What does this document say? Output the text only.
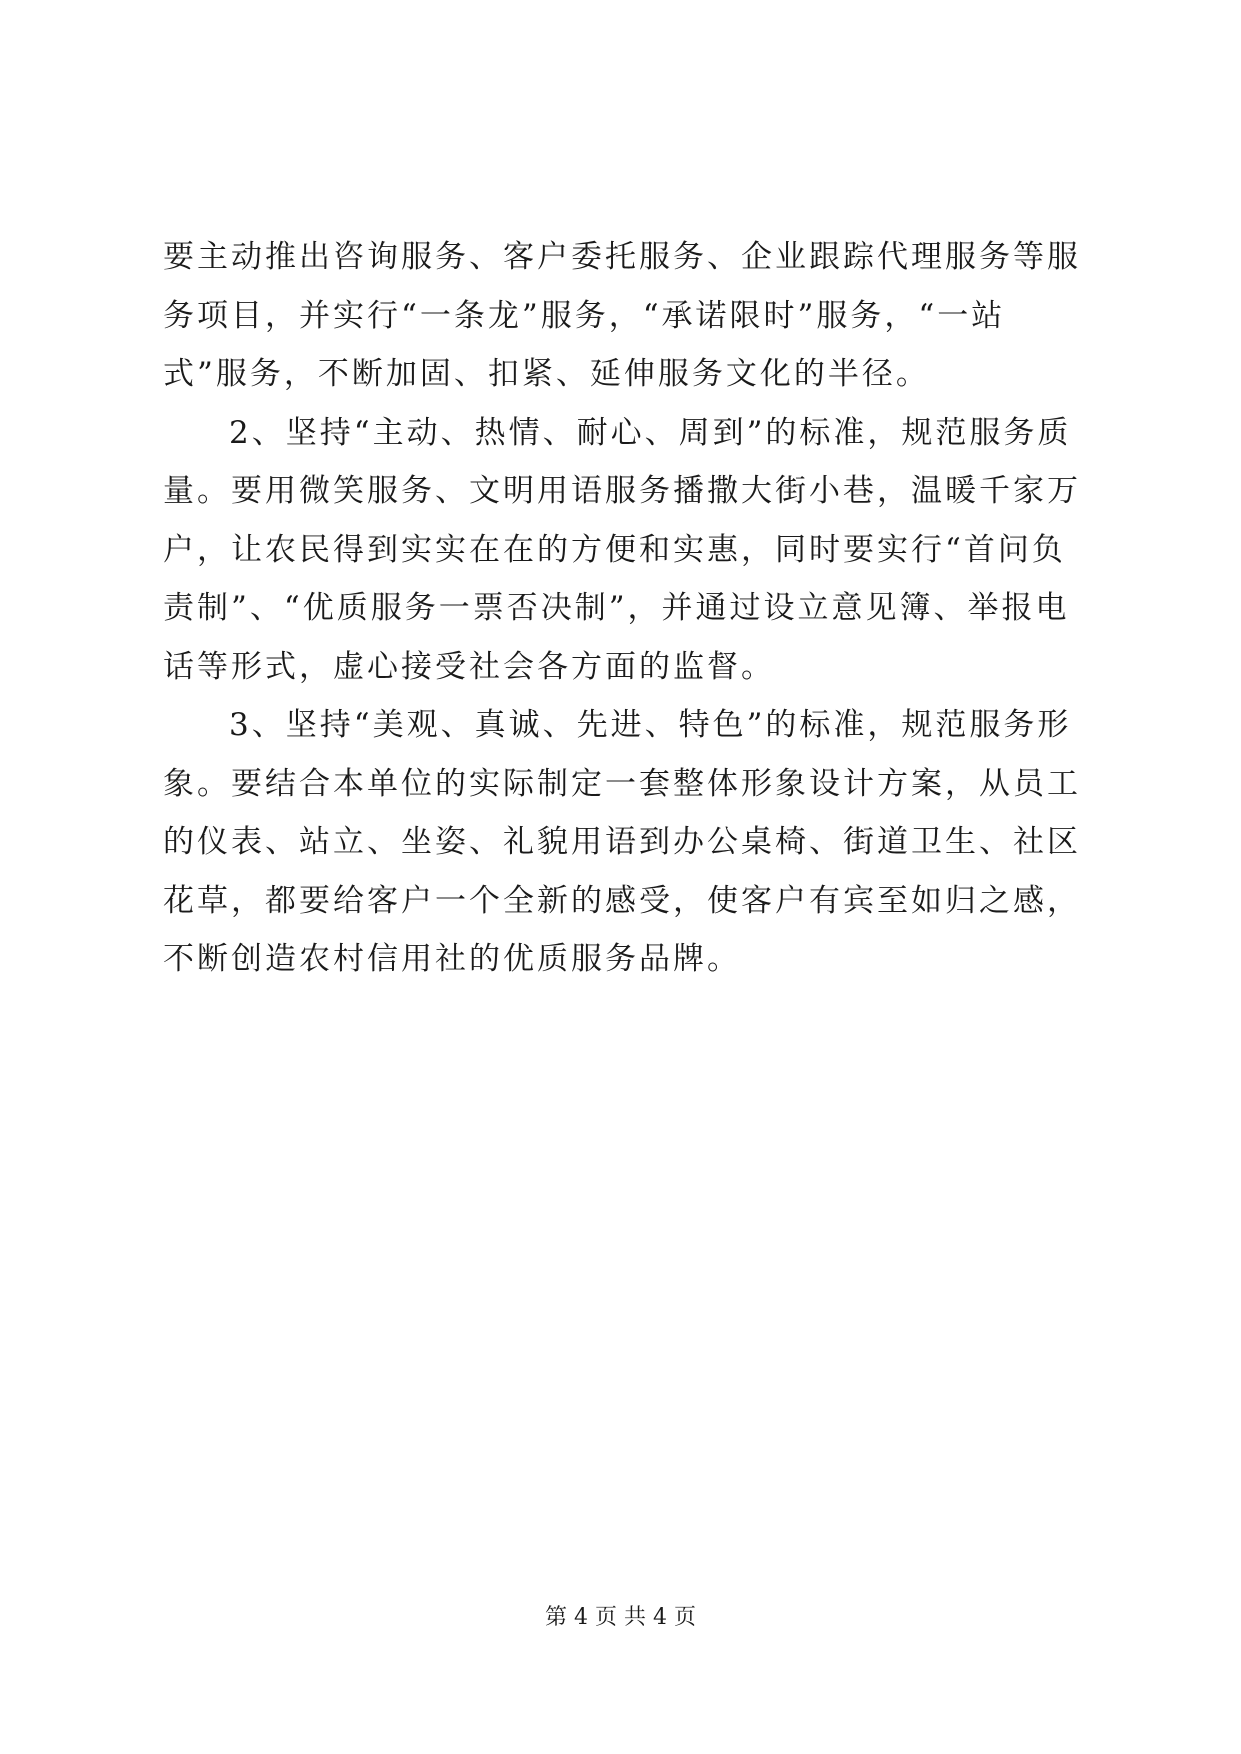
要主动推出咨询服务、客户委托服务、企业跟踪代理服务等服务项目，并实行“一条龙”服务，“承诺限时”服务，“一站式”服务，不断加固、扣紧、延伸服务文化的半径。

2、坚持“主动、热情、耐心、周到”的标准，规范服务质量。要用微笑服务、文明用语服务播撒大街小巷，温暖千家万户，让农民得到实实在在的方便和实惠，同时要实行“首问负责制”、“优质服务一票否决制”，并通过设立意见簿、举报电话等形式，虚心接受社会各方面的监督。

3、坚持“美观、真诚、先进、特色”的标准，规范服务形象。要结合本单位的实际制定一套整体形象设计方案，从员工的仪表、站立、坐姿、礼貌用语到办公桌椅、街道卫生、社区花草，都要给客户一个全新的感受，使客户有宾至如归之感，不断创造农村信用社的优质服务品牌。

第 4 页 共 4 页
